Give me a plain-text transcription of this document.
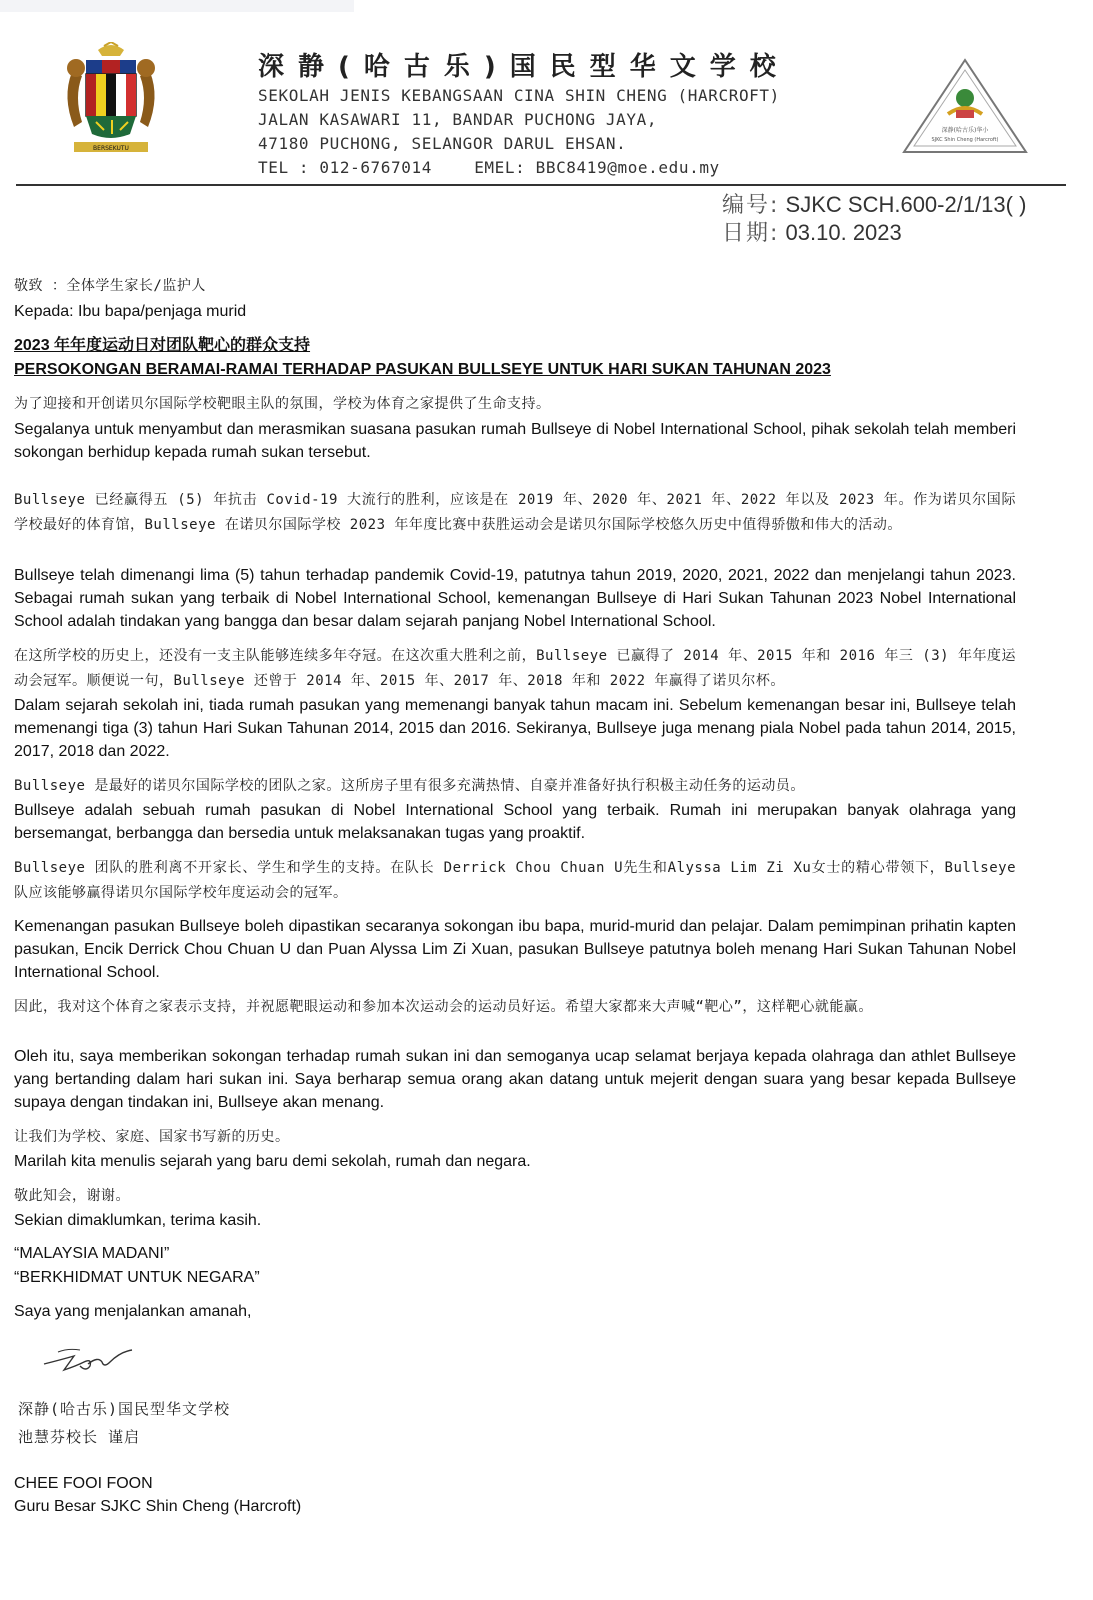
BERSEKUTU
深静(哈古乐)国民型华文学校
SEKOLAH JENIS KEBANGSAAN CINA SHIN CHENG (HARCROFT)
JALAN KASAWARI 11, BANDAR PUCHONG JAYA,
47180 PUCHONG, SELANGOR DARUL EHSAN.
TEL : 012-6767014	EMEL: BBC8419@moe.edu.my
深静(哈古乐)华小
SJKC Shin Cheng (Harcroft)
编号: SJKC SCH.600-2/1/13( )
日期: 03.10. 2023
敬致 ：全体学生家长/监护人
Kepada: Ibu bapa/penjaga murid
2023 年年度运动日对团队靶心的群众支持
PERSOKONGAN BERAMAI-RAMAI TERHADAP PASUKAN BULLSEYE UNTUK HARI SUKAN TAHUNAN 2023
为了迎接和开创诺贝尔国际学校靶眼主队的氛围，学校为体育之家提供了生命支持。
Segalanya untuk menyambut dan merasmikan suasana pasukan rumah Bullseye di Nobel International School, pihak sekolah telah memberi sokongan berhidup kepada rumah sukan tersebut.
Bullseye 已经赢得五 (5) 年抗击 Covid-19 大流行的胜利，应该是在 2019 年、2020 年、2021 年、2022 年以及 2023 年。作为诺贝尔国际学校最好的体育馆，Bullseye 在诺贝尔国际学校 2023 年年度比赛中获胜运动会是诺贝尔国际学校悠久历史中值得骄傲和伟大的活动。
Bullseye telah dimenangi lima (5) tahun terhadap pandemik Covid-19, patutnya tahun 2019, 2020, 2021, 2022 dan menjelangi tahun 2023. Sebagai rumah sukan yang terbaik di Nobel International School, kemenangan Bullseye di Hari Sukan Tahunan 2023 Nobel International School adalah tindakan yang bangga dan besar dalam sejarah panjang Nobel International School.
在这所学校的历史上，还没有一支主队能够连续多年夺冠。在这次重大胜利之前，Bullseye 已赢得了 2014 年、2015 年和 2016 年三 (3) 年年度运动会冠军。顺便说一句，Bullseye 还曾于 2014 年、2015 年、2017 年、2018 年和 2022 年赢得了诺贝尔杯。
Dalam sejarah sekolah ini, tiada rumah pasukan yang memenangi banyak tahun macam ini. Sebelum kemenangan besar ini, Bullseye telah memenangi tiga (3) tahun Hari Sukan Tahunan 2014, 2015 dan 2016. Sekiranya, Bullseye juga menang piala Nobel pada tahun 2014, 2015, 2017, 2018 dan 2022.
Bullseye 是最好的诺贝尔国际学校的团队之家。这所房子里有很多充满热情、自豪并准备好执行积极主动任务的运动员。
Bullseye adalah sebuah rumah pasukan di Nobel International School yang terbaik. Rumah ini merupakan banyak olahraga yang bersemangat, berbangga dan bersedia untuk melaksanakan tugas yang proaktif.
Bullseye 团队的胜利离不开家长、学生和学生的支持。在队长 Derrick Chou Chuan U先生和Alyssa Lim Zi Xu女士的精心带领下，Bullseye 队应该能够赢得诺贝尔国际学校年度运动会的冠军。
Kemenangan pasukan Bullseye boleh dipastikan secaranya sokongan ibu bapa, murid-murid dan pelajar. Dalam pemimpinan prihatin kapten pasukan, Encik Derrick Chou Chuan U dan Puan Alyssa Lim Zi Xuan, pasukan Bullseye patutnya boleh menang Hari Sukan Tahunan Nobel International School.
因此，我对这个体育之家表示支持，并祝愿靶眼运动和参加本次运动会的运动员好运。希望大家都来大声喊“靶心”，这样靶心就能赢。
Oleh itu, saya memberikan sokongan terhadap rumah sukan ini dan semoganya ucap selamat berjaya kepada olahraga dan athlet Bullseye yang bertanding dalam hari sukan ini. Saya berharap semua orang akan datang untuk mejerit dengan suara yang besar kepada Bullseye supaya dengan tindakan ini, Bullseye akan menang.
让我们为学校、家庭、国家书写新的历史。
Marilah kita menulis sejarah yang baru demi sekolah, rumah dan negara.
敬此知会，谢谢。
Sekian dimaklumkan, terima kasih.
“MALAYSIA MADANI”
“BERKHIDMAT UNTUK NEGARA”
Saya yang menjalankan amanah,
深静(哈古乐)国民型华文学校
池慧芬校长 谨启
CHEE FOOI FOON
Guru Besar SJKC Shin Cheng (Harcroft)
